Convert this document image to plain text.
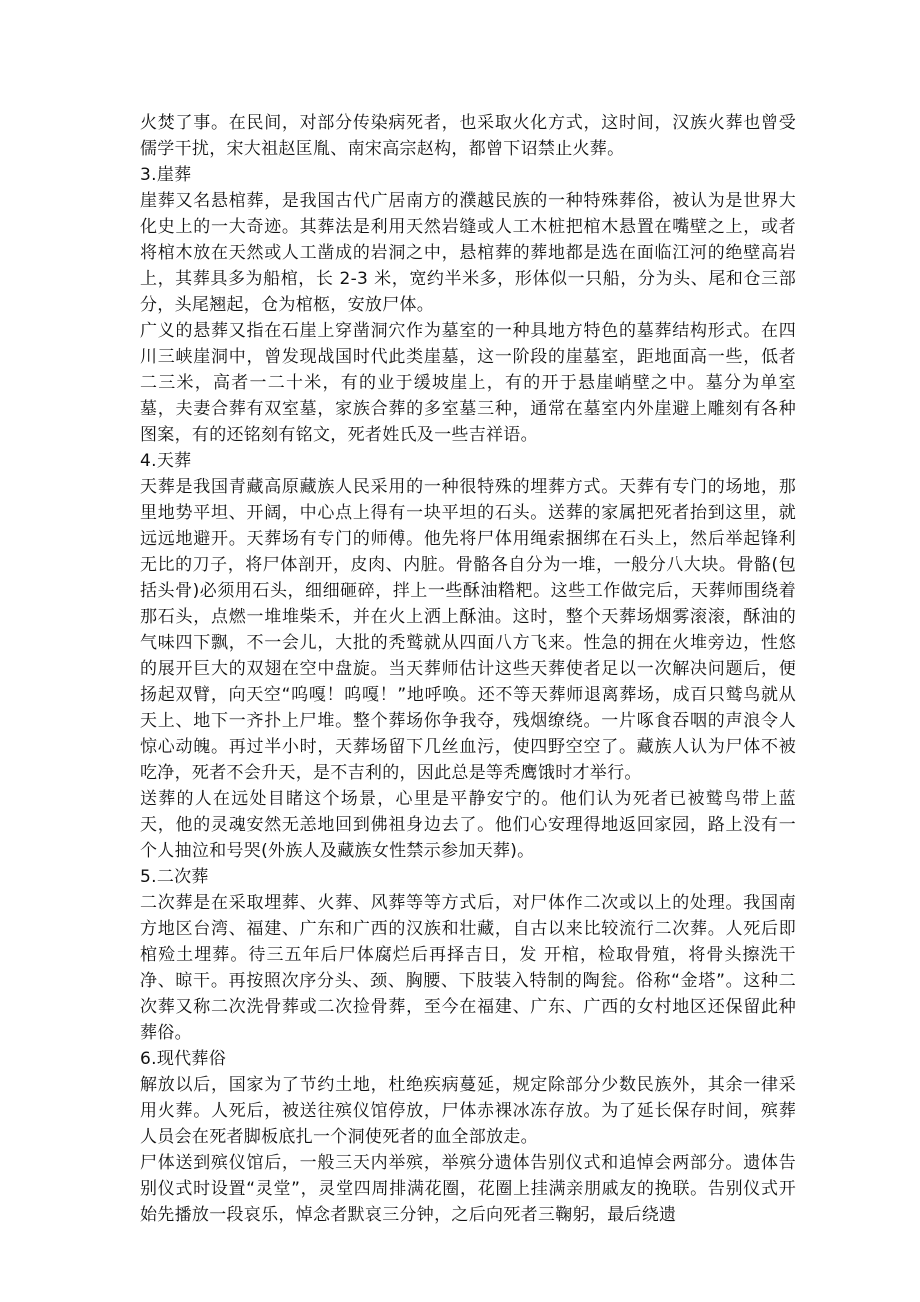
火焚了事。在民间，对部分传染病死者，也采取火化方式，这时间，汉族火葬也曾受儒学干扰，宋大祖赵匡胤、南宋高宗赵构，都曾下诏禁止火葬。

3.崖葬

崖葬又名悬棺葬，是我国古代广居南方的濮越民族的一种特殊葬俗，被认为是世界大化史上的一大奇迹。其葬法是利用天然岩缝或人工木桩把棺木悬置在嘴壁之上，或者将棺木放在天然或人工凿成的岩洞之中，悬棺葬的葬地都是选在面临江河的绝壁高岩上，其葬具多为船棺，长 2-3 米，宽约半米多，形体似一只船，分为头、尾和仓三部分，头尾翘起，仓为棺柩，安放尸体。

广义的悬葬又指在石崖上穿凿洞穴作为墓室的一种具地方特色的墓葬结构形式。在四川三峡崖洞中，曾发现战国时代此类崖墓，这一阶段的崖墓室，距地面高一些，低者二三米，高者一二十米，有的业于缓坡崖上，有的开于悬崖峭壁之中。墓分为单室墓，夫妻合葬有双室墓，家族合葬的多室墓三种，通常在墓室内外崖避上雕刻有各种图案，有的还铭刻有铭文，死者姓氏及一些吉祥语。

4.天葬

天葬是我国青藏高原藏族人民采用的一种很特殊的埋葬方式。天葬有专门的场地，那里地势平坦、开阔，中心点上得有一块平坦的石头。送葬的家属把死者抬到这里，就远远地避开。天葬场有专门的师傅。他先将尸体用绳索捆绑在石头上，然后举起锋利无比的刀子，将尸体剖开，皮肉、内脏。骨骼各自分为一堆，一般分八大块。骨骼(包括头骨)必须用石头，细细砸碎，拌上一些酥油糌粑。这些工作做完后，天葬师围绕着那石头，点燃一堆堆柴禾，并在火上洒上酥油。这时，整个天葬场烟雾滚滚，酥油的气味四下飘，不一会儿，大批的秃鹫就从四面八方飞来。性急的拥在火堆旁边，性悠的展开巨大的双翅在空中盘旋。当天葬师估计这些天葬使者足以一次解决问题后，便扬起双臂，向天空“呜嘎！呜嘎！”地呼唤。还不等天葬师退离葬场，成百只鹫鸟就从天上、地下一齐扑上尸堆。整个葬场你争我夺，残烟缭绕。一片啄食吞咽的声浪令人惊心动魄。再过半小时，天葬场留下几丝血污，使四野空空了。藏族人认为尸体不被吃净，死者不会升天，是不吉利的，因此总是等秃鹰饿时才举行。

送葬的人在远处目睹这个场景，心里是平静安宁的。他们认为死者已被鹫鸟带上蓝天，他的灵魂安然无恙地回到佛祖身边去了。他们心安理得地返回家园，路上没有一个人抽泣和号哭(外族人及藏族女性禁示参加天葬)。

5.二次葬

二次葬是在采取埋葬、火葬、风葬等等方式后，对尸体作二次或以上的处理。我国南方地区台湾、福建、广东和广西的汉族和壮藏，自古以来比较流行二次葬。人死后即棺殓土埋葬。待三五年后尸体腐烂后再择吉日，发 开棺，检取骨殖，将骨头擦洗干净、晾干。再按照次序分头、颈、胸腰、下肢装入特制的陶瓮。俗称“金塔”。这种二次葬又称二次洗骨葬或二次捡骨葬，至今在福建、广东、广西的女村地区还保留此种葬俗。

6.现代葬俗

解放以后，国家为了节约土地，杜绝疾病蔓延，规定除部分少数民族外，其余一律采用火葬。人死后，被送往殡仪馆停放，尸体赤裸冰冻存放。为了延长保存时间，殡葬人员会在死者脚板底扎一个洞使死者的血全部放走。

尸体送到殡仪馆后，一般三天内举殡，举殡分遗体告别仪式和追悼会两部分。遗体告别仪式时设置“灵堂”，灵堂四周排满花圈，花圈上挂满亲朋戚友的挽联。告别仪式开始先播放一段哀乐，悼念者默哀三分钟，之后向死者三鞠躬，最后绕遗
